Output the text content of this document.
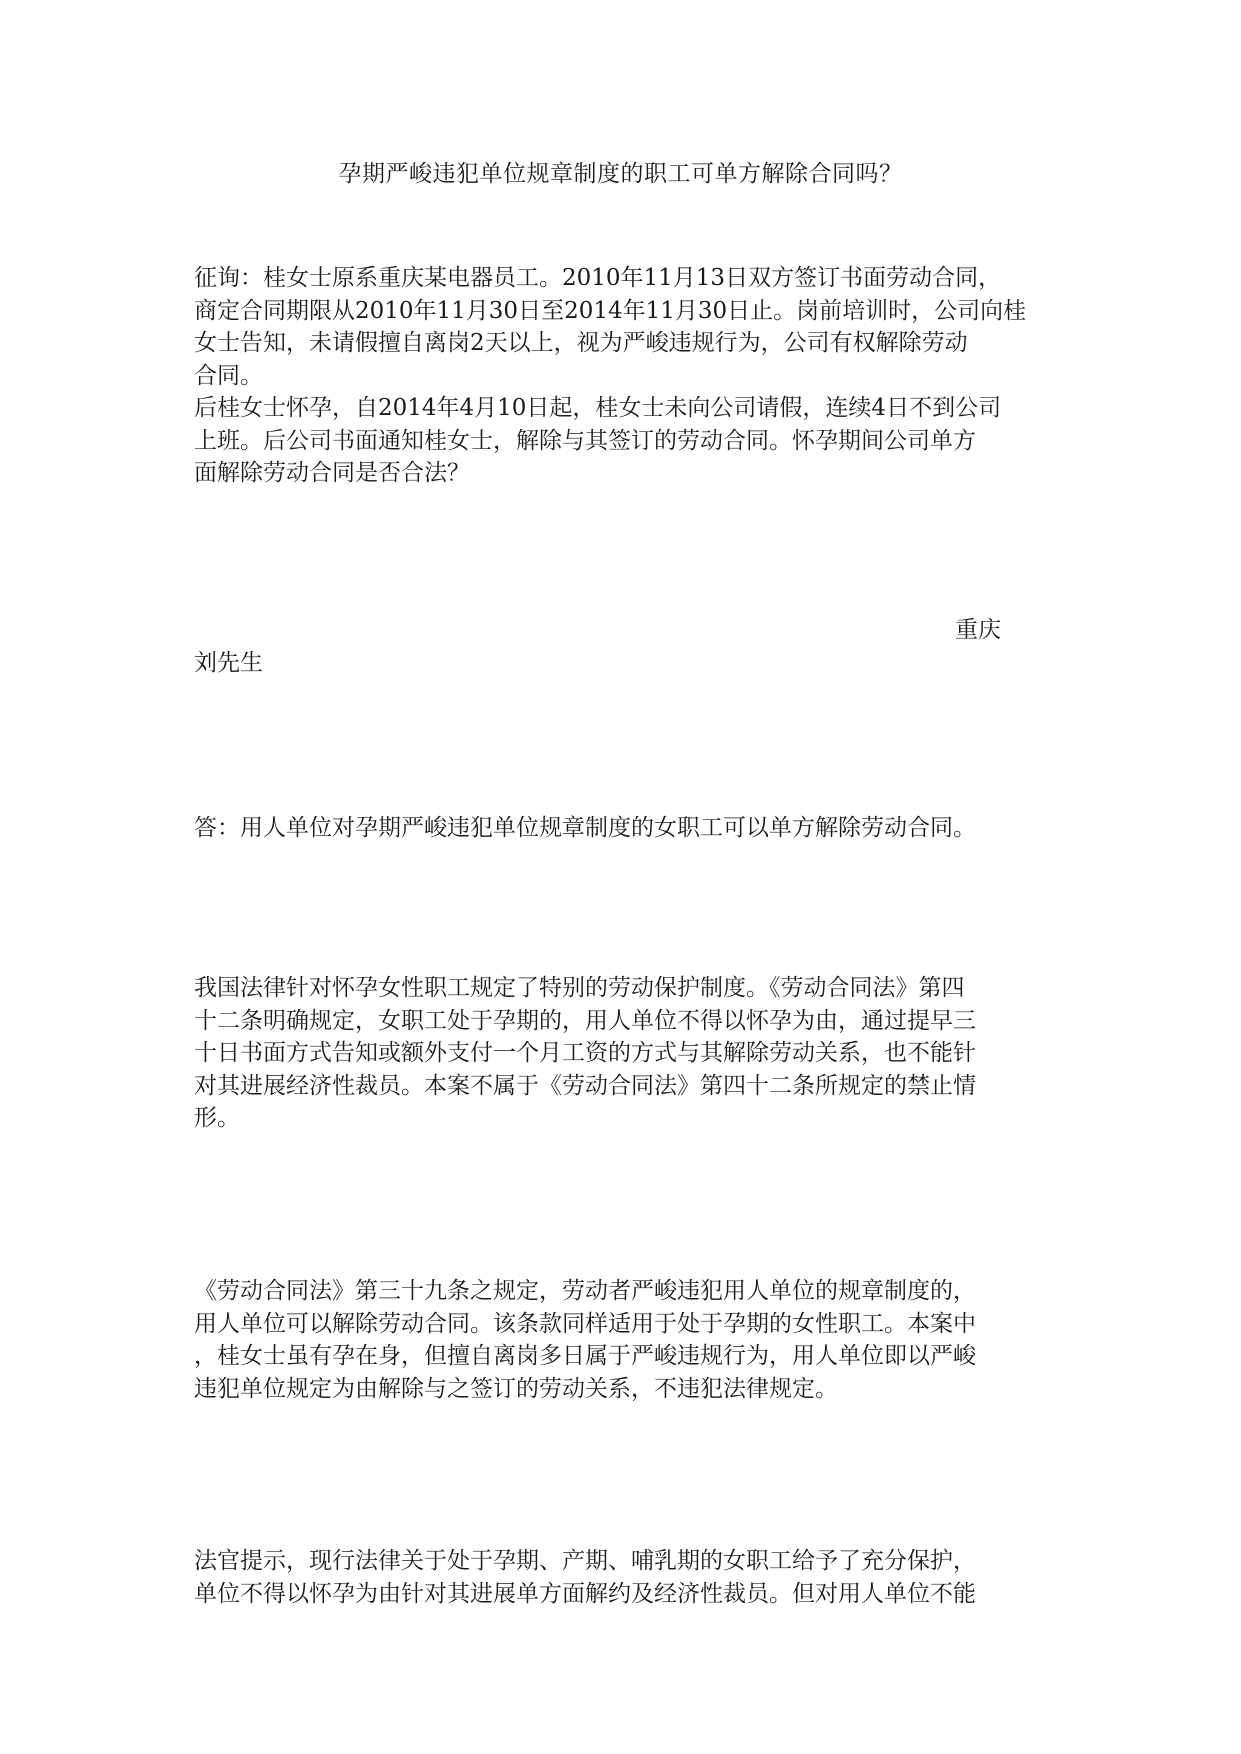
孕期严峻违犯单位规章制度的职工可单方解除合同吗？
征询：桂女士原系重庆某电器员工。2010年11月13日双方签订书面劳动合同，
商定合同期限从2010年11月30日至2014年11月30日止。岗前培训时，公司向桂
女士告知，未请假擅自离岗2天以上，视为严峻违规行为，公司有权解除劳动
合同。
后桂女士怀孕，自2014年4月10日起，桂女士未向公司请假，连续4日不到公司
上班。后公司书面通知桂女士，解除与其签订的劳动合同。怀孕期间公司单方
面解除劳动合同是否合法？
重庆
刘先生
答：用人单位对孕期严峻违犯单位规章制度的女职工可以单方解除劳动合同。
我国法律针对怀孕女性职工规定了特别的劳动保护制度。《劳动合同法》第四
十二条明确规定，女职工处于孕期的，用人单位不得以怀孕为由，通过提早三
十日书面方式告知或额外支付一个月工资的方式与其解除劳动关系，也不能针
对其进展经济性裁员。本案不属于《劳动合同法》第四十二条所规定的禁止情
形。
《劳动合同法》第三十九条之规定，劳动者严峻违犯用人单位的规章制度的，
用人单位可以解除劳动合同。该条款同样适用于处于孕期的女性职工。本案中
，桂女士虽有孕在身，但擅自离岗多日属于严峻违规行为，用人单位即以严峻
违犯单位规定为由解除与之签订的劳动关系，不违犯法律规定。
法官提示，现行法律关于处于孕期、产期、哺乳期的女职工给予了充分保护，
单位不得以怀孕为由针对其进展单方面解约及经济性裁员。但对用人单位不能
